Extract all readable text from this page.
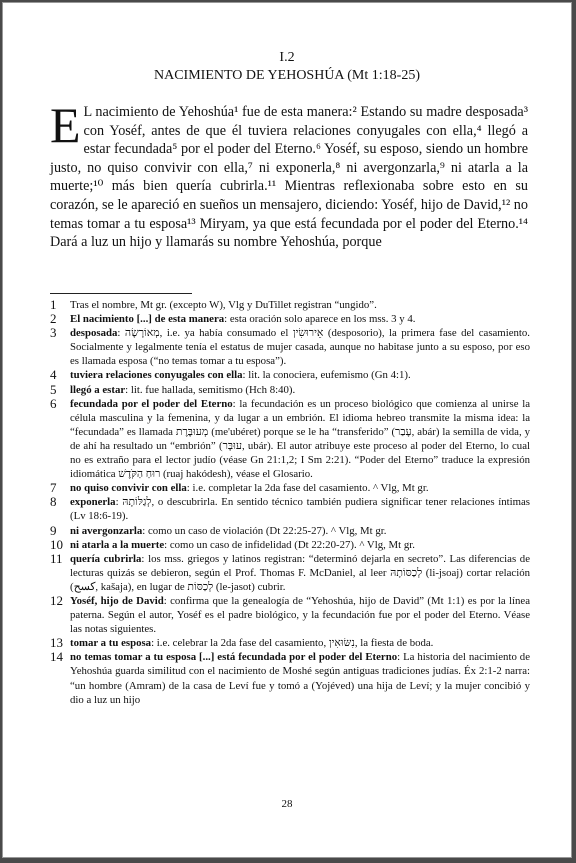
I.2
NACIMIENTO DE YEHOSHÚA (Mt 1:18-25)
E L nacimiento de Yehoshúa¹ fue de esta manera:² Estando su madre desposada³ con Yoséf, antes de que él tuviera relaciones conyugales con ella,⁴ llegó a estar fecundada⁵ por el poder del Eterno.⁶ Yoséf, su esposo, siendo un hombre justo, no quiso convivir con ella,⁷ ni exponerla,⁸ ni avergonzarla,⁹ ni atarla a la muerte;¹⁰ más bien quería cubrirla.¹¹ Mientras reflexionaba sobre esto en su corazón, se le apareció en sueños un mensajero, diciendo: Yoséf, hijo de David,¹² no temas tomar a tu esposa¹³ Miryam, ya que está fecundada por el poder del Eterno.¹⁴ Dará a luz un hijo y llamarás su nombre Yehoshúa, porque
1	Tras el nombre, Mt gr. (excepto W), Vlg y DuTillet registran “ungido”.
2	El nacimiento [...] de esta manera: esta oración solo aparece en los mss. 3 y 4.
3	desposada: מְאוֹרָשָׂה, i.e. ya había consumado el אֵירוּשִׂין (desposorio), la primera fase del casamiento. Socialmente y legalmente tenía el estatus de mujer casada, aunque no habitase junto a su esposo, por eso es llamada esposa (“no temas tomar a tu esposa”).
4	tuviera relaciones conyugales con ella: lit. la conociera, eufemismo (Gn 4:1).
5	llegó a estar: lit. fue hallada, semitismo (Hch 8:40).
6	fecundada por el poder del Eterno: la fecundación es un proceso biológico que comienza al unirse la célula masculina y la femenina, y da lugar a un embrión. El idioma hebreo transmite la misma idea: la “fecundada” es llamada מְעוּבֶּרֶת (me'ubéret) porque se le ha “transferido” (עָבַר, abár) la semilla de vida, y de ahí ha resultado un “embrión” (עוּבָּר, ubár). El autor atribuye este proceso al poder del Eterno, lo cual no es extraño para el lector judío (véase Gn 21:1,2; I Sm 2:21). “Poder del Eterno” traduce la expresión idiomática רוּחַ הַקֹּדֶשׁ (ruaj hakódesh), véase el Glosario.
7	no quiso convivir con ella: i.e. completar la 2da fase del casamiento. ^ Vlg, Mt gr.
8	exponerla: לְגַלּוֹתָהּ, o descubrirla. En sentido técnico también pudiera significar tener relaciones íntimas (Lv 18:6-19).
9	ni avergonzarla: como un caso de violación (Dt 22:25-27). ^ Vlg, Mt gr.
10 ni atarla a la muerte: como un caso de infidelidad (Dt 22:20-27). ^ Vlg, Mt gr.
11 quería cubrirla: los mss. griegos y latinos registran: “determinó dejarla en secreto”. Las diferencias de lecturas quizás se debieron, según el Prof. Thomas F. McDaniel, al leer לְכַסּוֹתָהּ (li-jsoaj) cortar relación (كسح, kašaja), en lugar de לְכַסּוֹת (le-jasot) cubrir.
12 Yoséf, hijo de David: confirma que la genealogía de “Yehoshúa, hijo de David” (Mt 1:1) es por la línea paterna. Según el autor, Yoséf es el padre biológico, y la fecundación fue por el poder del Eterno. Véase las notas siguientes.
13 tomar a tu esposa: i.e. celebrar la 2da fase del casamiento, נִשּׂוּאִין, la fiesta de boda.
14 no temas tomar a tu esposa [...] está fecundada por el poder del Eterno: La historia del nacimiento de Yehoshúa guarda similitud con el nacimiento de Moshé según antiguas tradiciones judías. Éx 2:1-2 narra: “un hombre (Amram) de la casa de Leví fue y tomó a (Yojéved) una hija de Leví; y la mujer concibió y dio a luz un hijo
28
